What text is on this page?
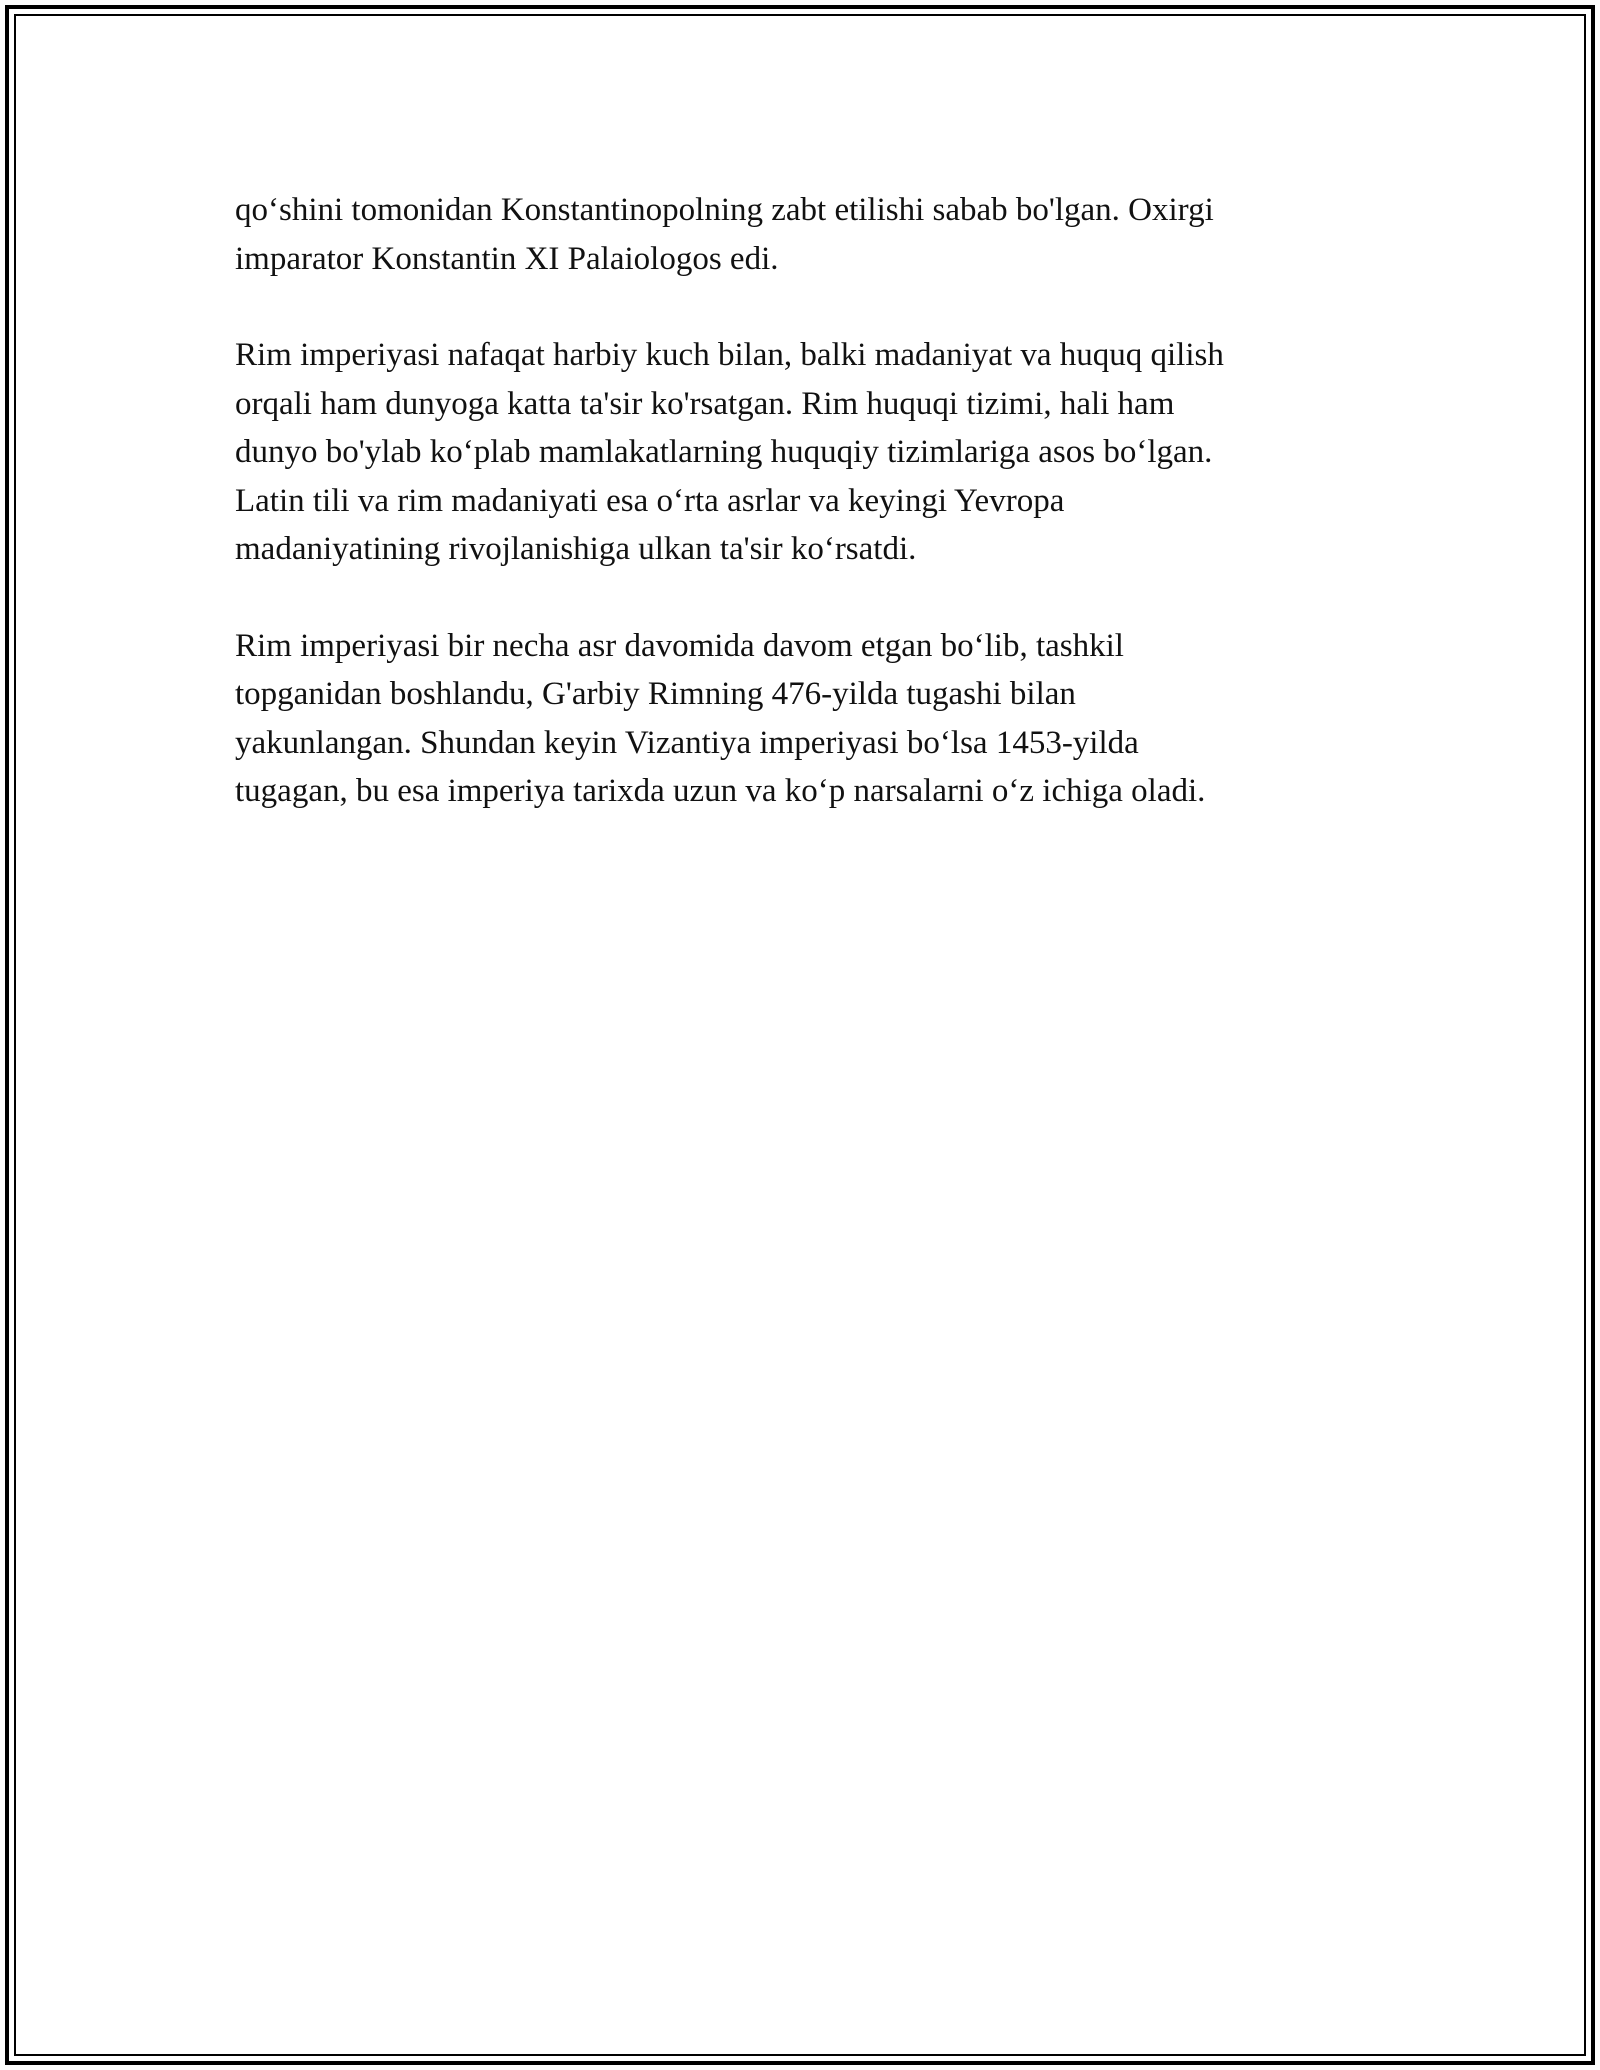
qo‘shini tomonidan Konstantinopolning zabt etilishi sabab bo'lgan. Oxirgi
imparator Konstantin XI Palaiologos edi.

Rim imperiyasi nafaqat harbiy kuch bilan, balki madaniyat va huquq qilish
orqali ham dunyoga katta ta'sir ko'rsatgan. Rim huquqi tizimi, hali ham
dunyo bo'ylab ko‘plab mamlakatlarning huquqiy tizimlariga asos bo‘lgan.
Latin tili va rim madaniyati esa o‘rta asrlar va keyingi Yevropa
madaniyatining rivojlanishiga ulkan ta'sir ko‘rsatdi.

Rim imperiyasi bir necha asr davomida davom etgan bo‘lib, tashkil
topganidan boshlandu, G'arbiy Rimning 476-yilda tugashi bilan
yakunlangan. Shundan keyin Vizantiya imperiyasi bo‘lsa 1453-yilda
tugagan, bu esa imperiya tarixda uzun va ko‘p narsalarni o‘z ichiga oladi.
